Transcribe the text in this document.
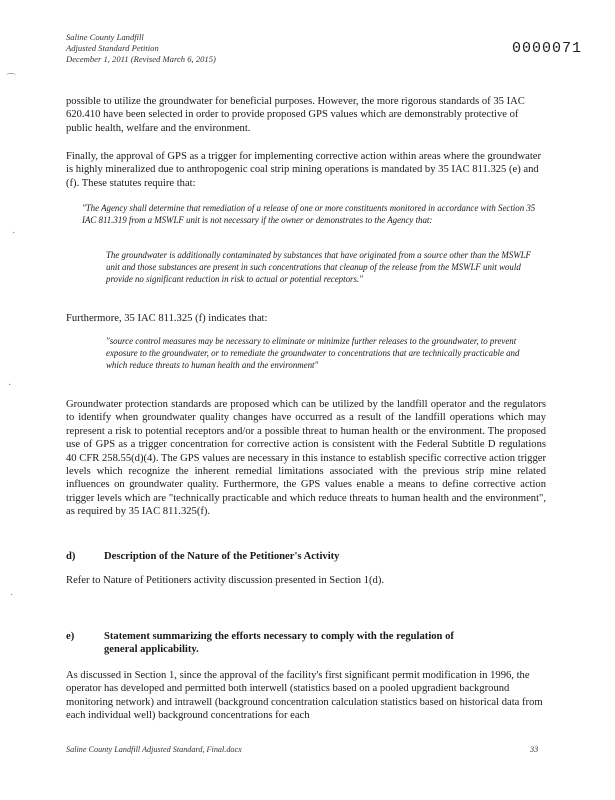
Saline County Landfill
Adjusted Standard Petition
December 1, 2011 (Revised March 6, 2015)
0000071
⌒
·
·
·

possible to utilize the groundwater for beneficial purposes. However, the more rigorous standards of 35 IAC 620.410 have been selected in order to provide proposed GPS values which are demonstrably protective of public health, welfare and the environment.

Finally, the approval of GPS as a trigger for implementing corrective action within areas where the groundwater is highly mineralized due to anthropogenic coal strip mining operations is mandated by 35 IAC 811.325 (e) and (f). These statutes require that:

"The Agency shall determine that remediation of a release of one or more constituents monitored in accordance with Section 35 IAC 811.319 from a MSWLF unit is not necessary if the owner or demonstrates to the Agency that:

The groundwater is additionally contaminated by substances that have originated from a source other than the MSWLF unit and those substances are present in such concentrations that cleanup of the release from the MSWLF unit would provide no significant reduction in risk to actual or potential receptors."

Furthermore, 35 IAC 811.325 (f) indicates that:

"source control measures may be necessary to eliminate or minimize further releases to the groundwater, to prevent exposure to the groundwater, or to remediate the groundwater to concentrations that are technically practicable and which reduce threats to human health and the environment"

Groundwater protection standards are proposed which can be utilized by the landfill operator and the regulators to identify when groundwater quality changes have occurred as a result of the landfill operations which may represent a risk to potential receptors and/or a possible threat to human health or the environment. The proposed use of GPS as a trigger concentration for corrective action is consistent with the Federal Subtitle D regulations 40 CFR 258.55(d)(4). The GPS values are necessary in this instance to establish specific corrective action trigger levels which recognize the inherent remedial limitations associated with the previous strip mine related influences on groundwater quality. Furthermore, the GPS values enable a means to define corrective action trigger levels which are "technically practicable and which reduce threats to human health and the environment", as required by 35 IAC 811.325(f).

d)	Description of the Nature of the Petitioner's Activity

Refer to Nature of Petitioners activity discussion presented in Section 1(d).

e)	Statement summarizing the efforts necessary to comply with the regulation of
general applicability.

As discussed in Section 1, since the approval of the facility's first significant permit modification in 1996, the operator has developed and permitted both interwell (statistics based on a pooled upgradient background monitoring network) and intrawell (background concentration calculation statistics based on historical data from each individual well) background concentrations for each

Saline County Landfill Adjusted Standard, Final.docx	33
